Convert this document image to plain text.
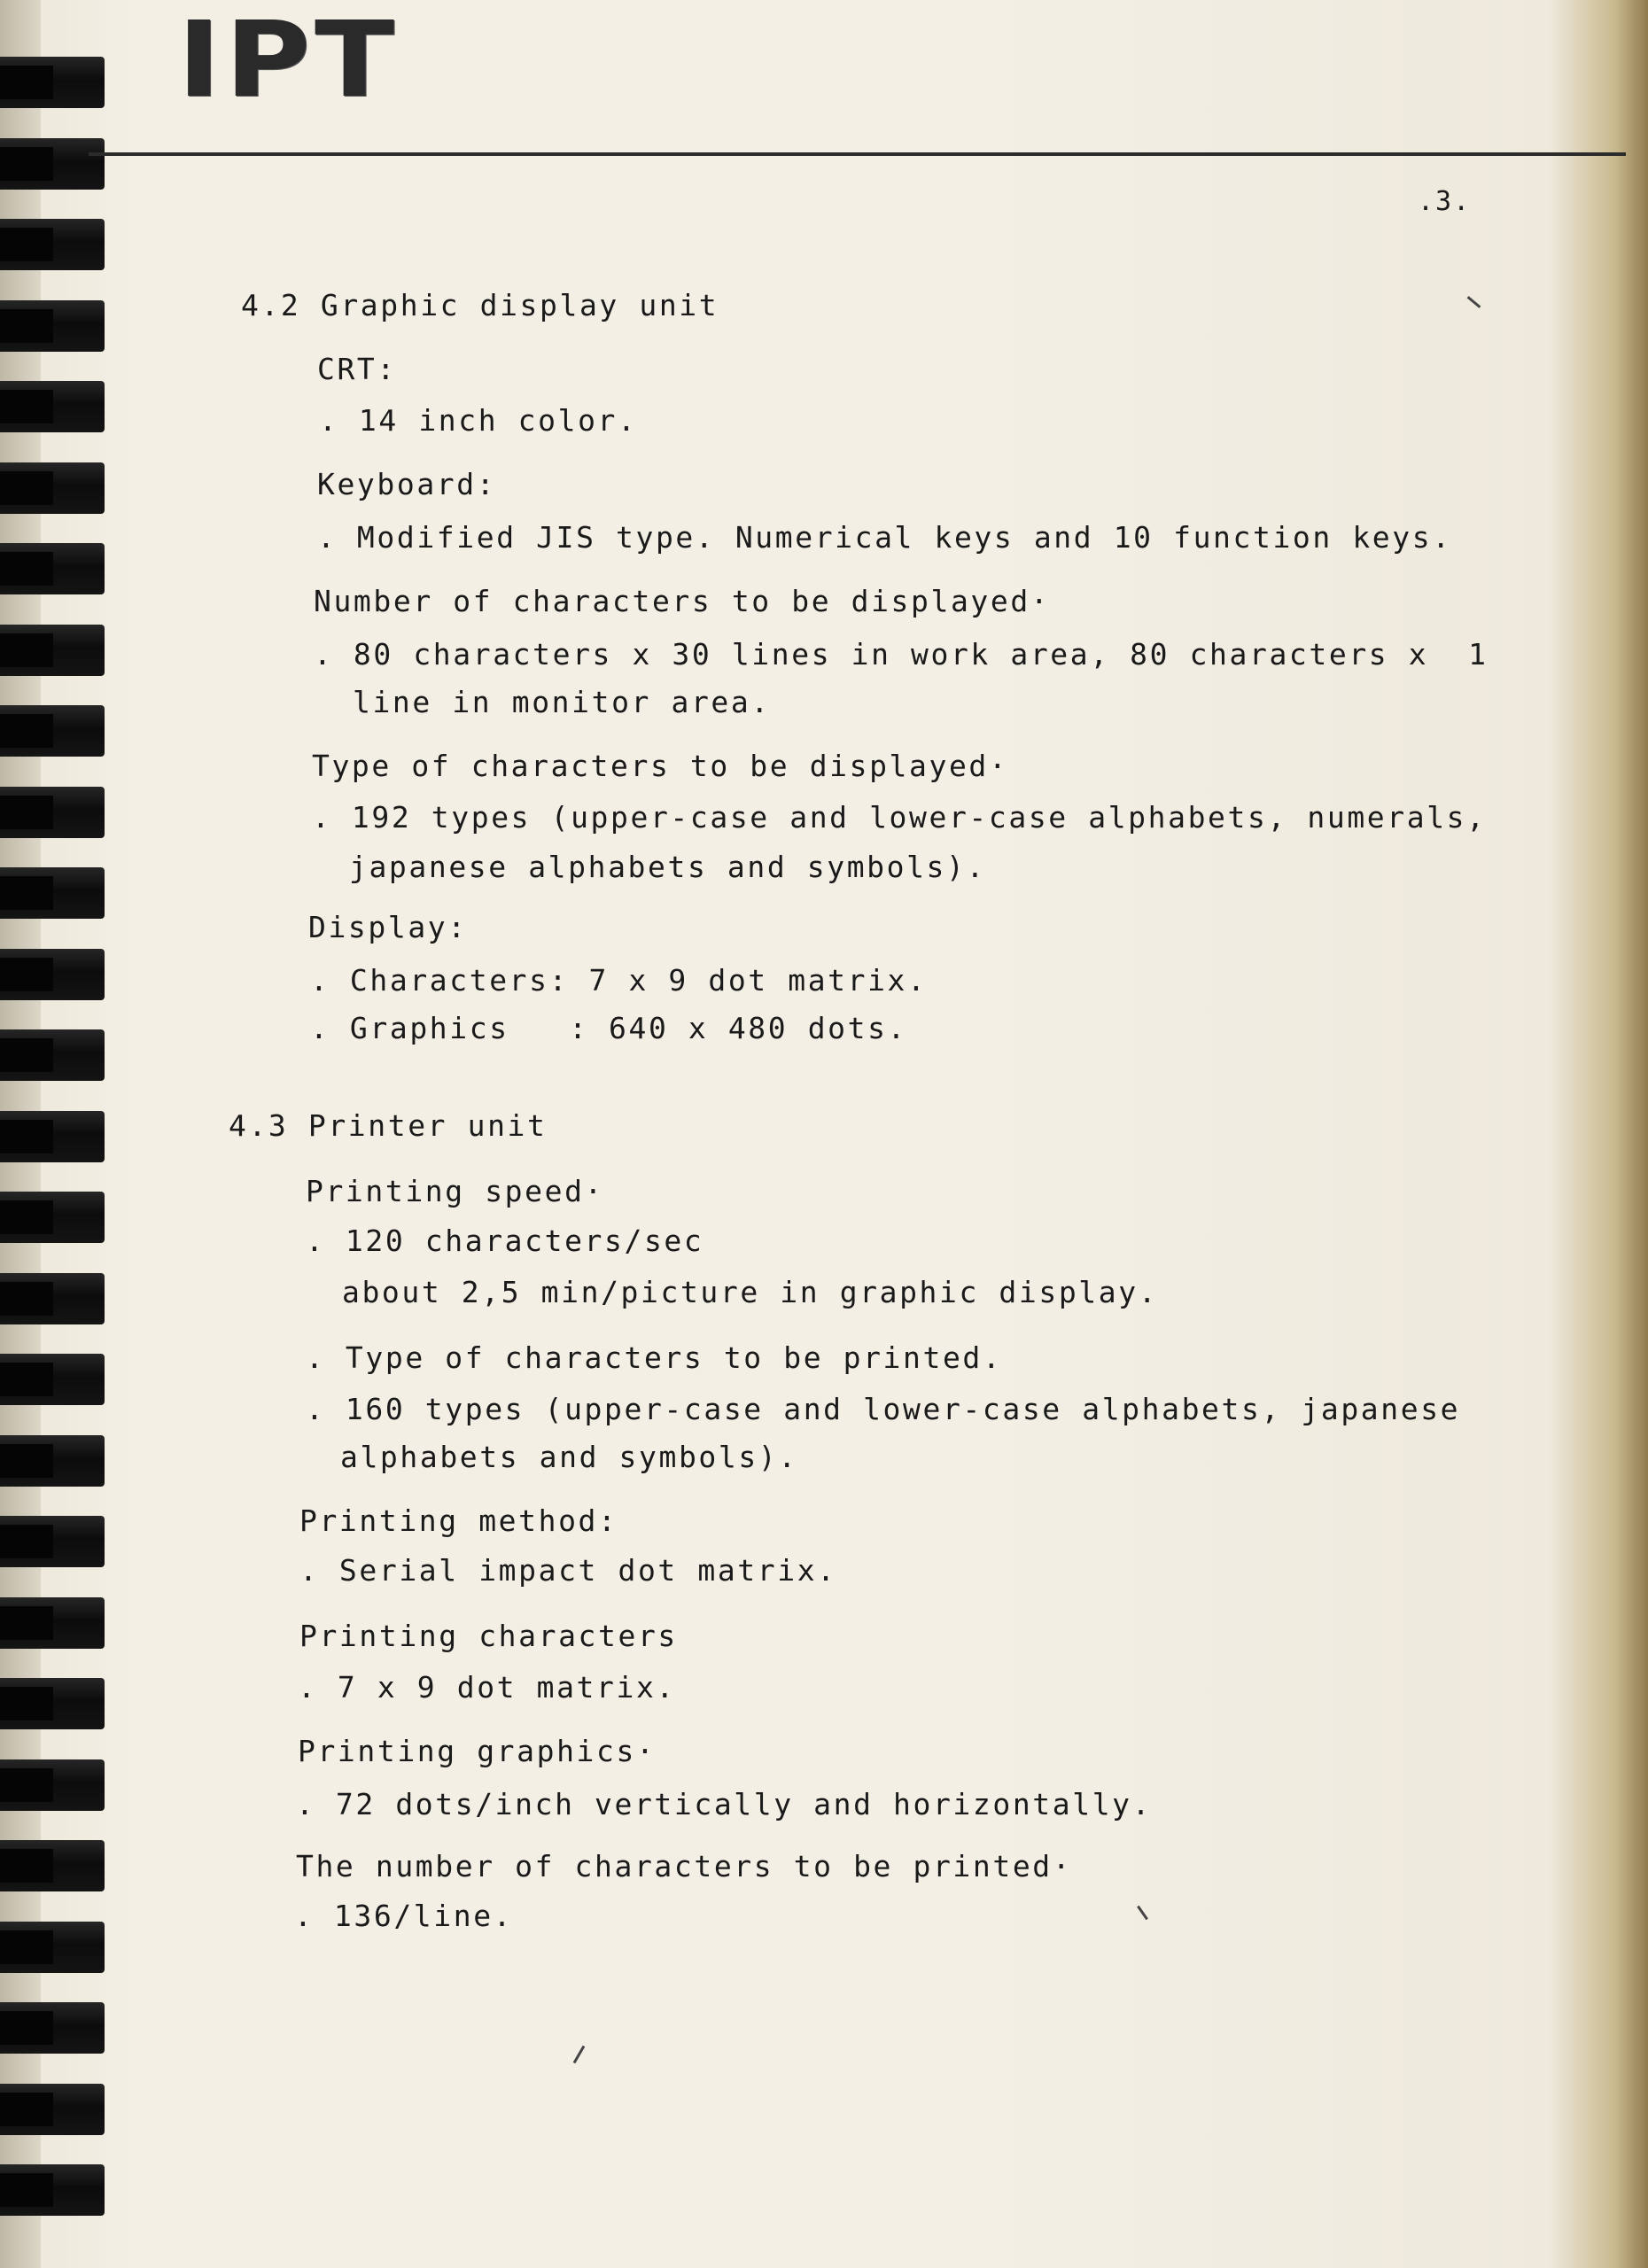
IPT
.3.
4.2 Graphic display unit
CRT:
. 14 inch color.
Keyboard:
. Modified JIS type. Numerical keys and 10 function keys.
Number of characters to be displayed·
. 80 characters x 30 lines in work area, 80 characters x  1
line in monitor area.
Type of characters to be displayed·
. 192 types (upper-case and lower-case alphabets, numerals,
japanese alphabets and symbols).
Display:
. Characters: 7 x 9 dot matrix.
. Graphics   : 640 x 480 dots.
4.3 Printer unit
Printing speed·
. 120 characters/sec
about 2,5 min/picture in graphic display.
. Type of characters to be printed.
. 160 types (upper-case and lower-case alphabets, japanese
alphabets and symbols).
Printing method:
. Serial impact dot matrix.
Printing characters
. 7 x 9 dot matrix.
Printing graphics·
. 72 dots/inch vertically and horizontally.
The number of characters to be printed·
. 136/line.
